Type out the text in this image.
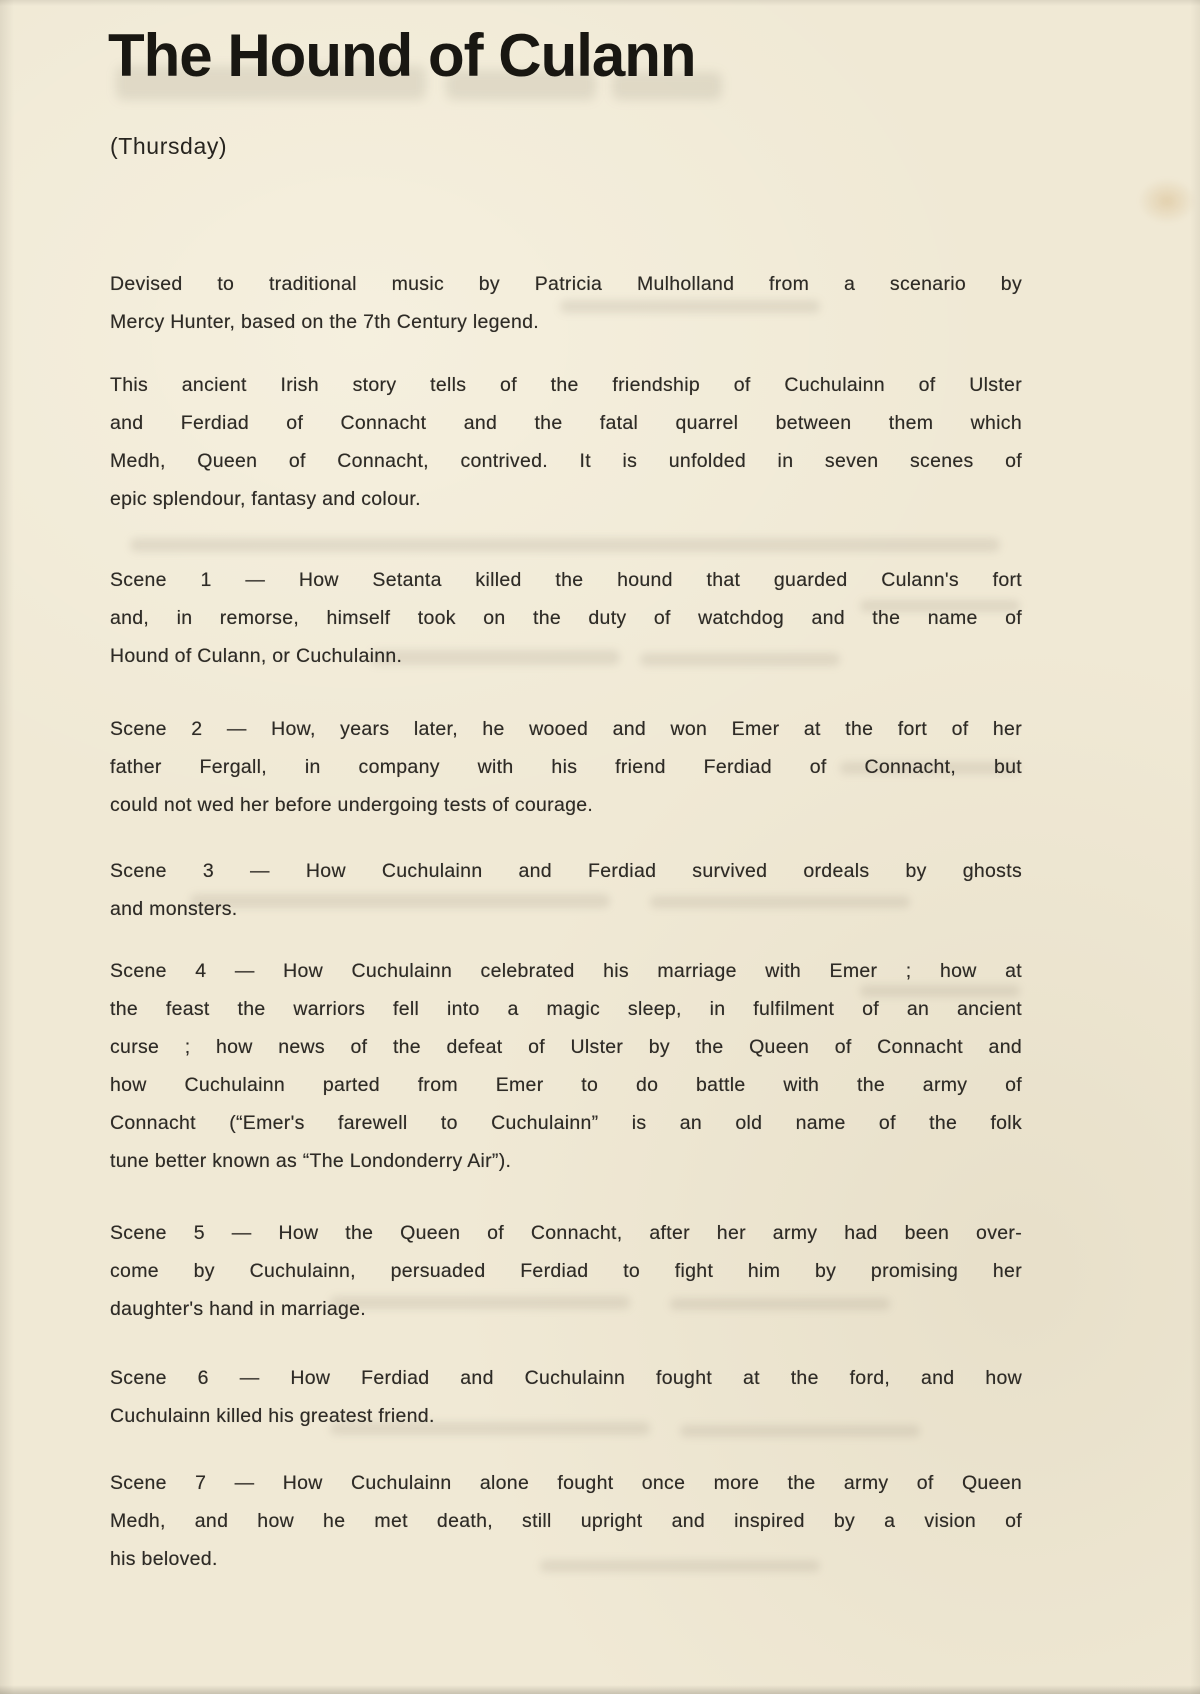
The Hound of Culann
(Thursday)
Devised to traditional music by Patricia Mulholland from a scenario by
Mercy Hunter, based on the 7th Century legend.
This ancient Irish story tells of the friendship of Cuchulainn of Ulster
and Ferdiad of Connacht and the fatal quarrel between them which
Medh, Queen of Connacht, contrived. It is unfolded in seven scenes of
epic splendour, fantasy and colour.
Scene 1 — How Setanta killed the hound that guarded Culann's fort
and, in remorse, himself took on the duty of watchdog and the name of
Hound of Culann, or Cuchulainn.
Scene 2 — How, years later, he wooed and won Emer at the fort of her
father Fergall, in company with his friend Ferdiad of Connacht, but
could not wed her before undergoing tests of courage.
Scene 3 — How Cuchulainn and Ferdiad survived ordeals by ghosts
and monsters.
Scene 4 — How Cuchulainn celebrated his marriage with Emer ; how at
the feast the warriors fell into a magic sleep, in fulfilment of an ancient
curse ; how news of the defeat of Ulster by the Queen of Connacht and
how Cuchulainn parted from Emer to do battle with the army of
Connacht (“Emer's farewell to Cuchulainn” is an old name of the folk
tune better known as “The Londonderry Air”).
Scene 5 — How the Queen of Connacht, after her army had been over-
come by Cuchulainn, persuaded Ferdiad to fight him by promising her
daughter's hand in marriage.
Scene 6 — How Ferdiad and Cuchulainn fought at the ford, and how
Cuchulainn killed his greatest friend.
Scene 7 — How Cuchulainn alone fought once more the army of Queen
Medh, and how he met death, still upright and inspired by a vision of
his beloved.
